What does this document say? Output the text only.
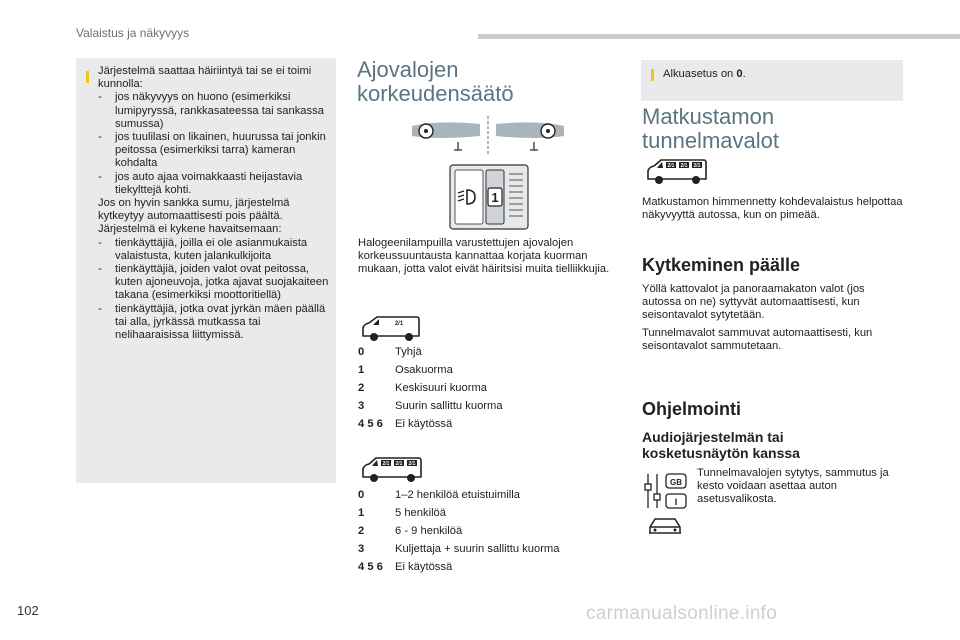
Valaistus ja näkyvyys
Järjestelmä saattaa häiriintyä tai se ei toimi kunnolla:
-	jos näkyvyys on huono (esimerkiksi lumipyryssä, rankkasateessa tai sankassa sumussa)
-	jos tuulilasi on likainen, huurussa tai jonkin peitossa (esimerkiksi tarra) kameran kohdalta
-	jos auto ajaa voimakkaasti heijastavia tiekylttejä kohti.
Jos on hyvin sankka sumu, järjestelmä kytkeytyy automaattisesti pois päältä.
Järjestelmä ei kykene havaitsemaan:
-	tienkäyttäjiä, joilla ei ole asianmukaista valaistusta, kuten jalankulkijoita
-	tienkäyttäjiä, joiden valot ovat peitossa, kuten ajoneuvoja, jotka ajavat suojakaiteen takana (esimerkiksi moottoritiellä)
-	tienkäyttäjiä, jotka ovat jyrkän mäen päällä tai alla, jyrkässä mutkassa tai nelihaaraisissa liittymissä.
Ajovalojen
korkeudensäätö
1
Halogeenilampuilla varustettujen ajovalojen korkeussuuntausta kannattaa korjata kuorman mukaan, jotta valot eivät häiritsisi muita tielliikkujia.
2/1
0	Tyhjä
1	Osakuorma
2	Keskisuuri kuorma
3	Suurin sallittu kuorma
4 5 6	Ei käytössä
2/1 2/1 2/1
0	1–2 henkilöä etuistuimilla
1	5 henkilöä
2	6 - 9 henkilöä
3	Kuljettaja + suurin sallittu kuorma
4 5 6	Ei käytössä
Alkuasetus on 0.
Matkustamon
tunnelmavalot
2/1 2/1 2/1
Matkustamon himmennetty kohdevalaistus helpottaa näkyvyyttä autossa, kun on pimeää.
Kytkeminen päälle
Yöllä kattovalot ja panoraamakaton valot (jos autossa on ne) syttyvät automaattisesti, kun seisontavalot sytytetään.
Tunnelmavalot sammuvat automaattisesti, kun seisontavalot sammutetaan.
Ohjelmointi
Audiojärjestelmän tai
kosketusnäytön kanssa
GB
I
Tunnelmavalojen sytytys, sammutus ja kesto voidaan asettaa auton asetusvalikosta.
102	carmanualsonline.info
